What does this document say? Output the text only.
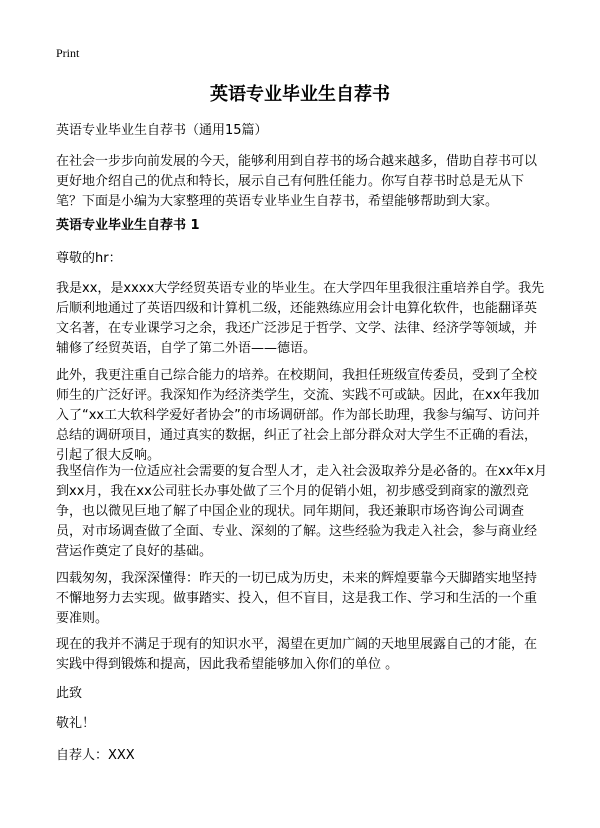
Print
英语专业毕业生自荐书
英语专业毕业生自荐书（通用15篇）
在社会一步步向前发展的今天，能够利用到自荐书的场合越来越多，借助自荐书可以更好地介绍自己的优点和特长，展示自己有何胜任能力。你写自荐书时总是无从下笔？下面是小编为大家整理的英语专业毕业生自荐书，希望能够帮助到大家。
英语专业毕业生自荐书 1
尊敬的hr：
我是xx，是xxxx大学经贸英语专业的毕业生。在大学四年里我很注重培养自学。我先后顺利地通过了英语四级和计算机二级，还能熟练应用会计电算化软件，也能翻译英文名著，在专业课学习之余，我还广泛涉足于哲学、文学、法律、经济学等领域，并辅修了经贸英语，自学了第二外语——德语。
此外，我更注重自己综合能力的培养。在校期间，我担任班级宣传委员，受到了全校师生的广泛好评。我深知作为经济类学生，交流、实践不可或缺。因此，在xx年我加入了“xx工大软科学爱好者协会”的市场调研部。作为部长助理，我参与编写、访问并总结的调研项目，通过真实的数据，纠正了社会上部分群众对大学生不正确的看法，引起了很大反响。
我坚信作为一位适应社会需要的复合型人才，走入社会汲取养分是必备的。在xx年x月到xx月，我在xx公司驻长办事处做了三个月的促销小姐，初步感受到商家的激烈竞争，也以微见巨地了解了中国企业的现状。同年期间，我还兼职市场咨询公司调查员，对市场调查做了全面、专业、深刻的了解。这些经验为我走入社会，参与商业经营运作奠定了良好的基础。
四载匆匆，我深深懂得：昨天的一切已成为历史，未来的辉煌要靠今天脚踏实地坚持不懈地努力去实现。做事踏实、投入，但不盲目，这是我工作、学习和生活的一个重要准则。
现在的我并不满足于现有的知识水平，渴望在更加广阔的天地里展露自己的才能，在实践中得到锻炼和提高，因此我希望能够加入你们的单位 。
此致
敬礼！
自荐人：XXX
